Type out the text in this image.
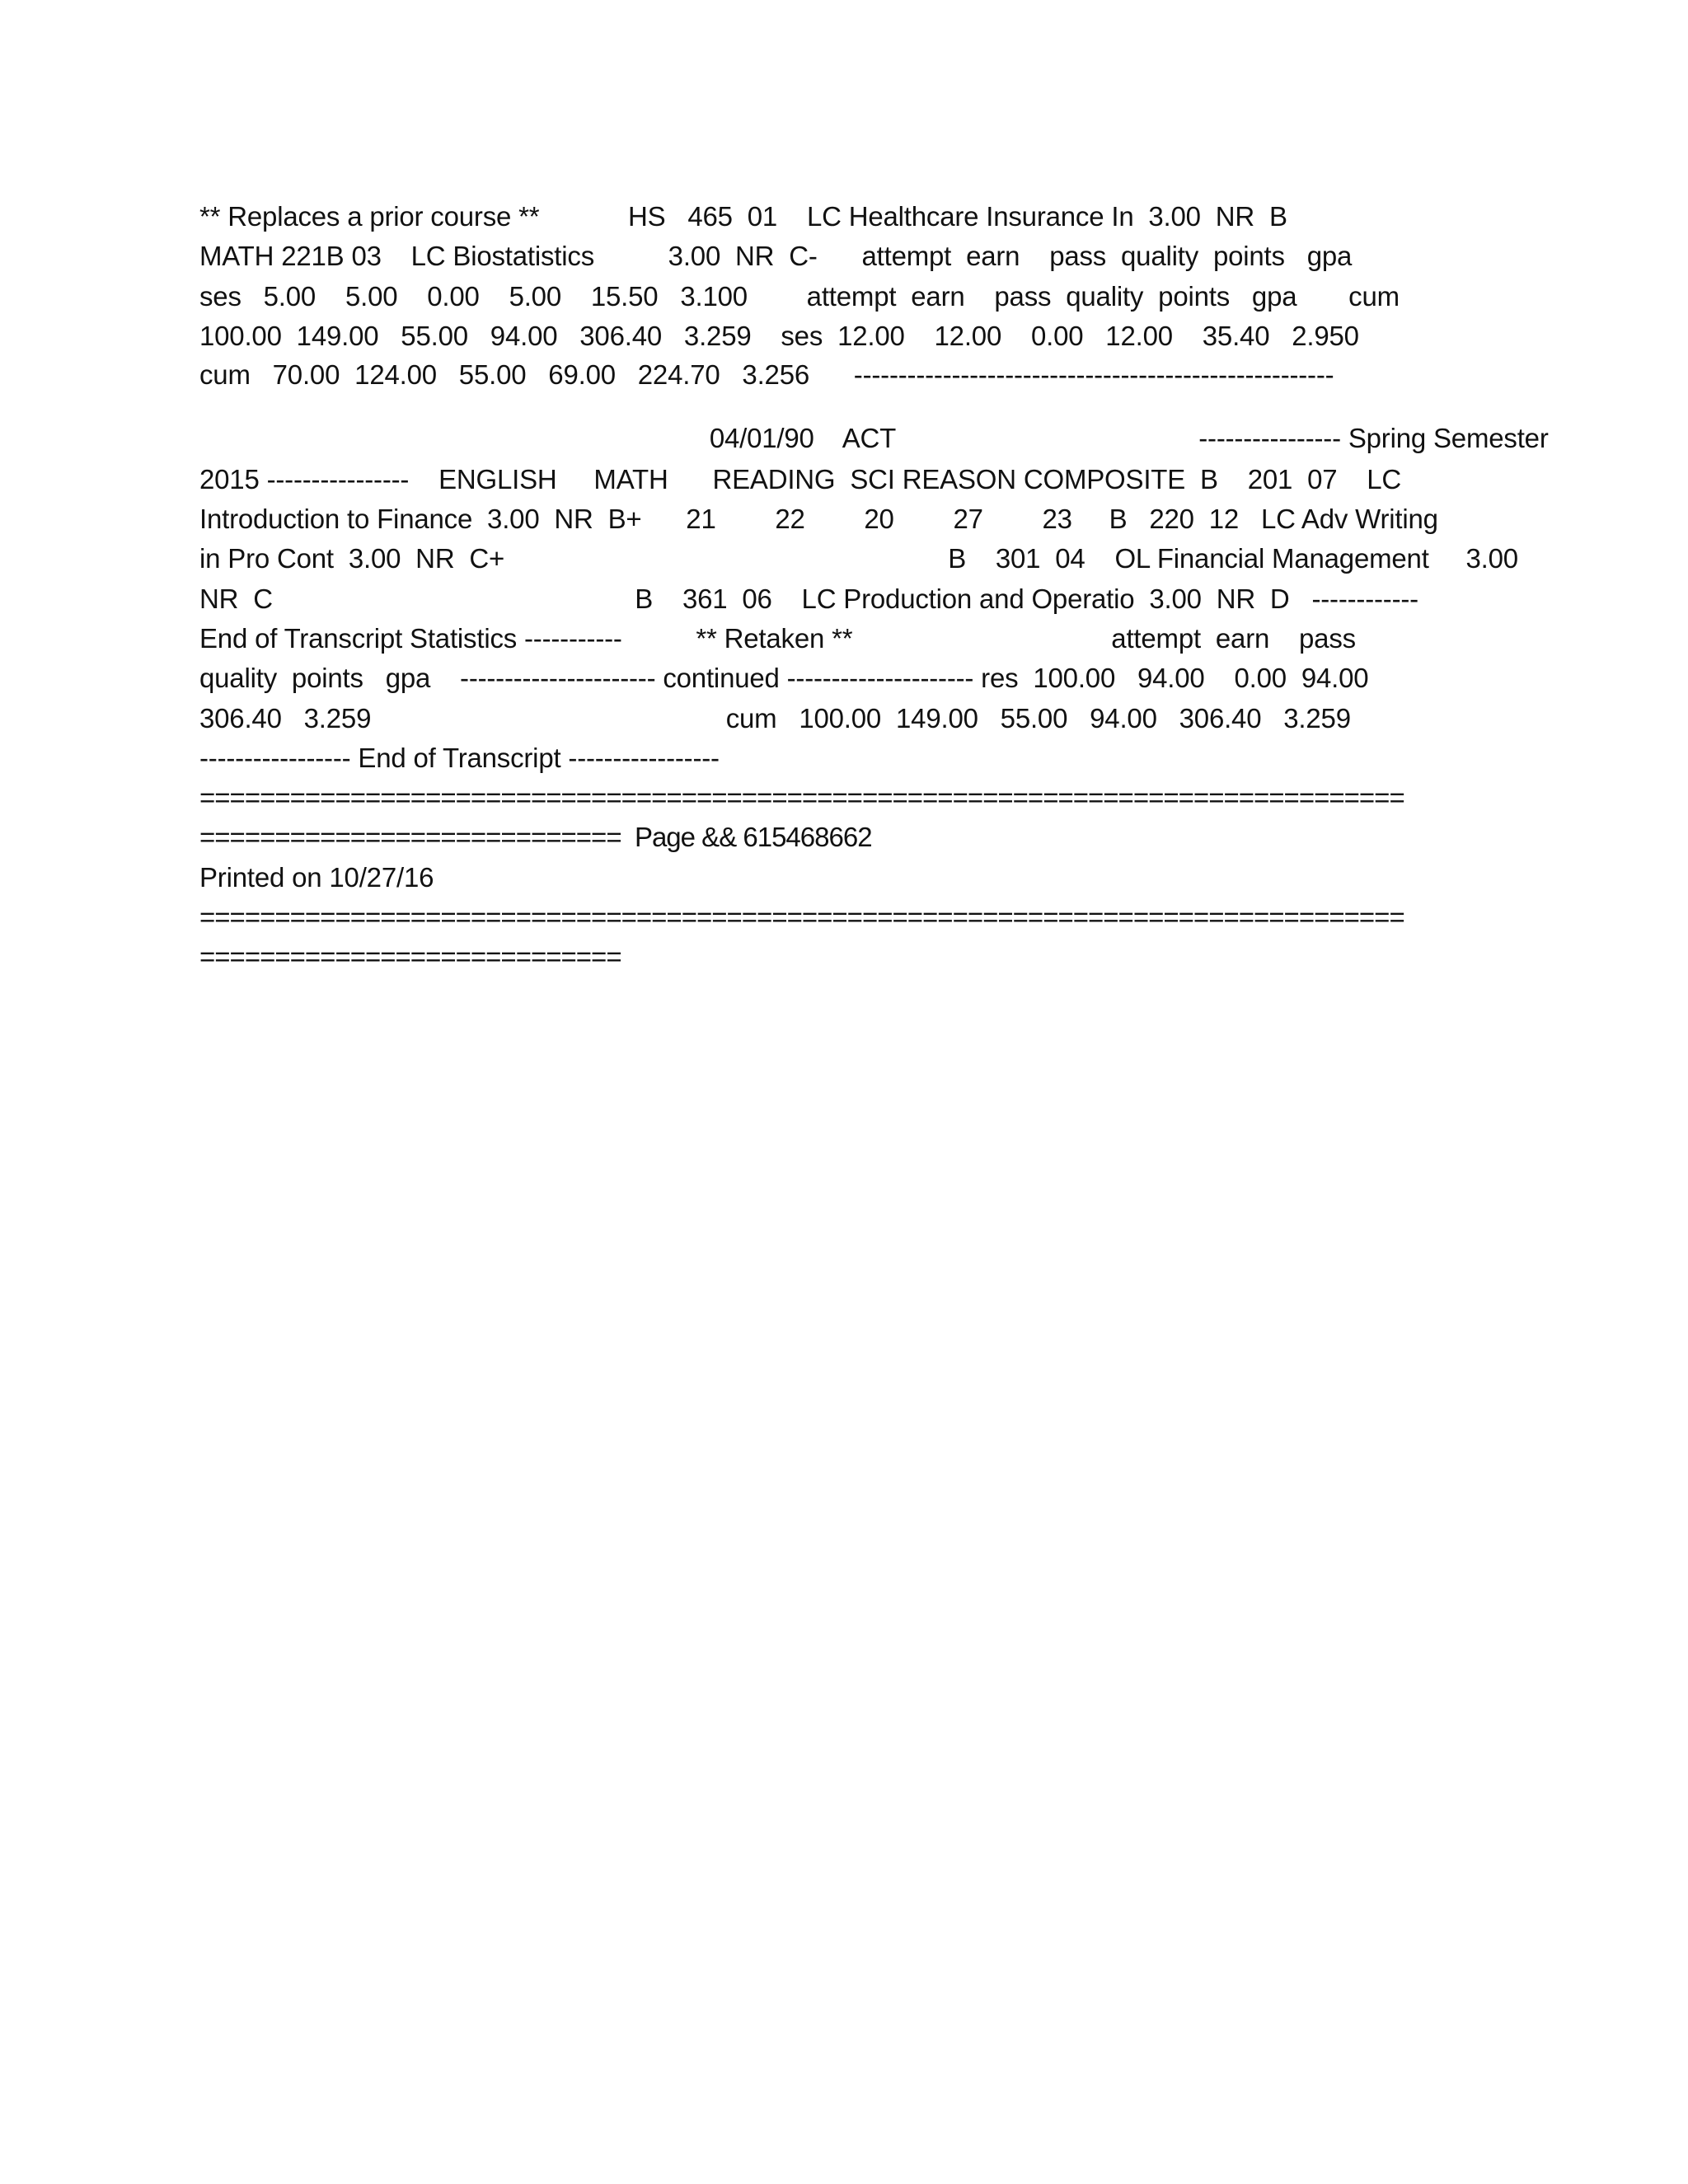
** Replaces a prior course **            HS   465  01    LC Healthcare Insurance In  3.00  NR  B
MATH 221B 03    LC Biostatistics          3.00  NR  C-      attempt  earn    pass  quality  points   gpa
ses   5.00    5.00    0.00    5.00    15.50   3.100        attempt  earn    pass  quality  points   gpa       cum
100.00  149.00   55.00   94.00   306.40   3.259    ses  12.00    12.00    0.00   12.00    35.40   2.950
cum   70.00  124.00   55.00   69.00   224.70   3.256      ------------------------------------------------------
04/01/90    ACT                                         ---------------- Spring Semester
2015 ----------------    ENGLISH     MATH      READING  SCI REASON COMPOSITE  B    201  07    LC
Introduction to Finance  3.00  NR  B+      21        22        20        27        23     B   220  12   LC Adv Writing
in Pro Cont  3.00  NR  C+                                                            B    301  04    OL Financial Management     3.00
NR  C                                                 B    361  06    LC Production and Operatio  3.00  NR  D   ------------
End of Transcript Statistics -----------          ** Retaken **                                   attempt  earn    pass
quality  points   gpa    ---------------------- continued --------------------- res  100.00   94.00    0.00  94.00
306.40   3.259                                                cum   100.00  149.00   55.00   94.00   306.40   3.259
----------------- End of Transcript -----------------
================================================================================
============================  Page && 615468662
Printed on 10/27/16
================================================================================
============================
